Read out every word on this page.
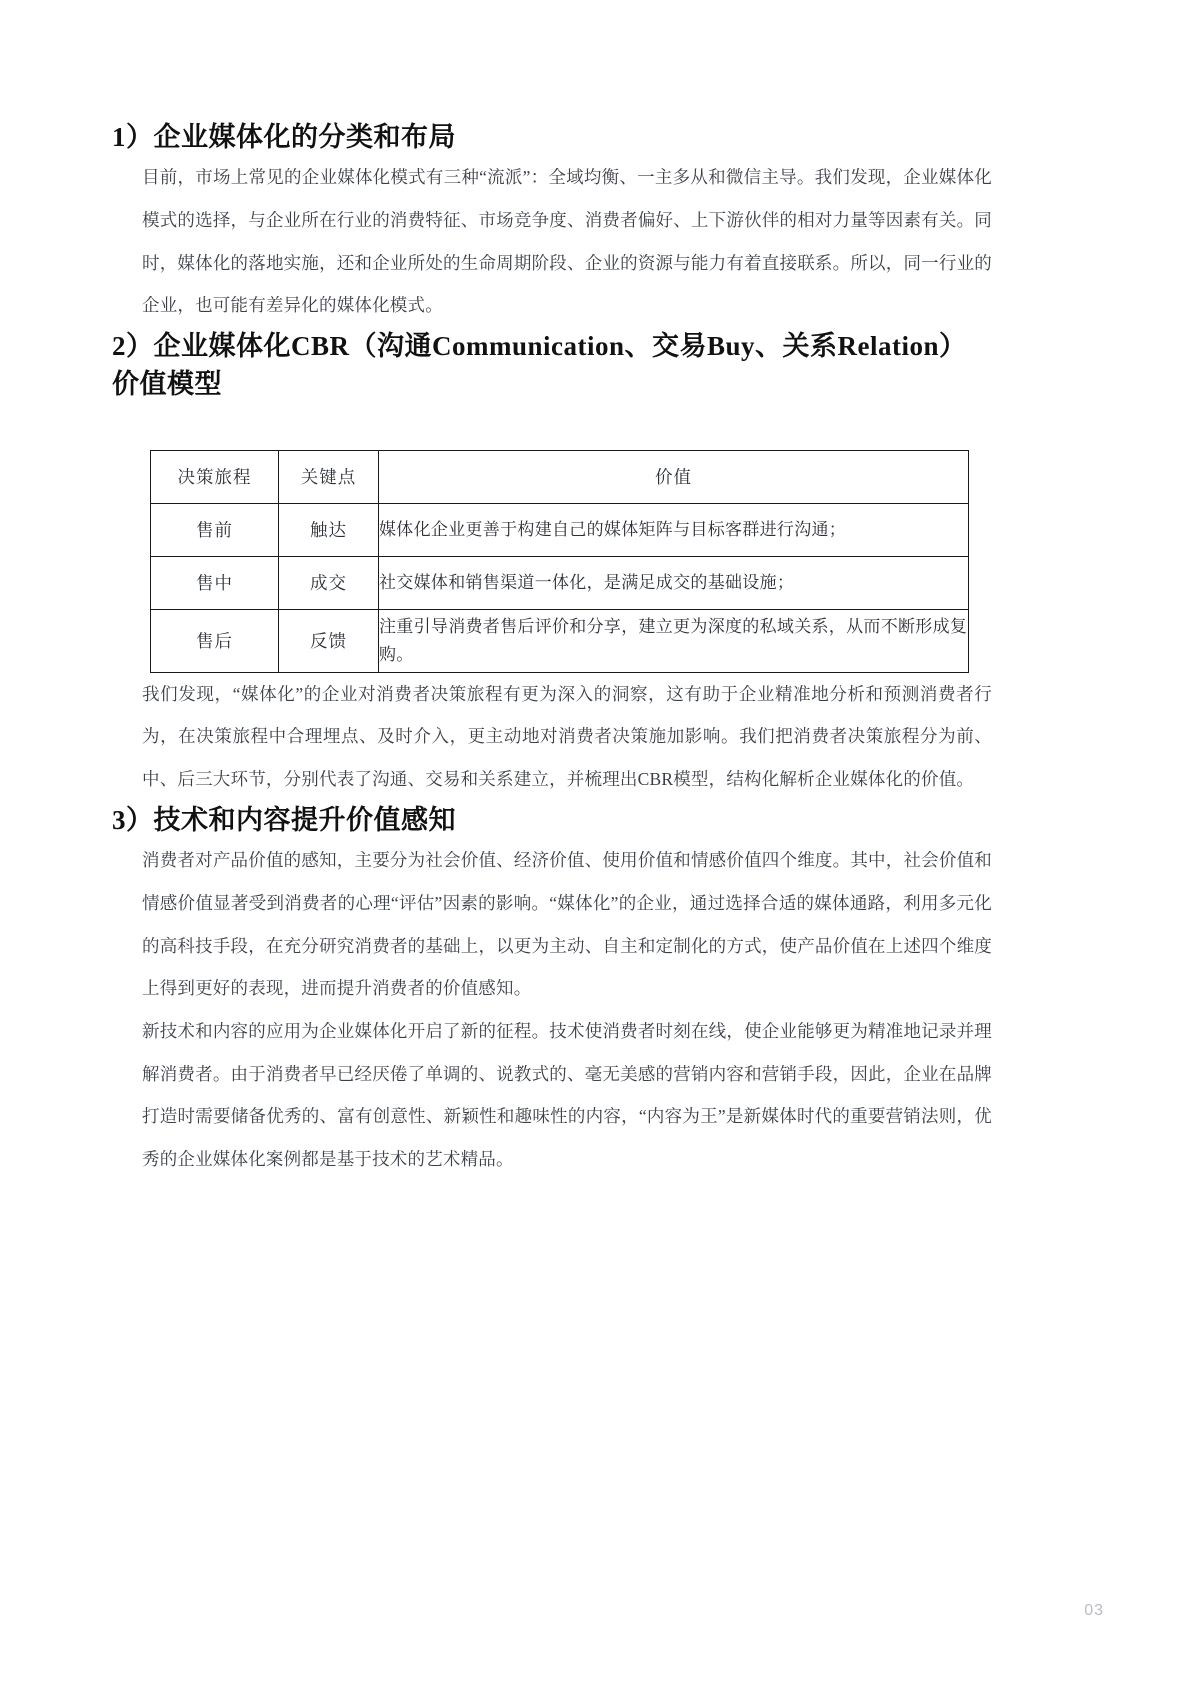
1）企业媒体化的分类和布局

目前，市场上常见的企业媒体化模式有三种“流派”：全域均衡、一主多从和微信主导。我们发现，企业媒体化模式的选择，与企业所在行业的消费特征、市场竞争度、消费者偏好、上下游伙伴的相对力量等因素有关。同时，媒体化的落地实施，还和企业所处的生命周期阶段、企业的资源与能力有着直接联系。所以，同一行业的企业，也可能有差异化的媒体化模式。

2）企业媒体化CBR（沟通Communication、交易Buy、关系Relation）价值模型
决策旅程	关键点	价值
售前	触达	媒体化企业更善于构建自己的媒体矩阵与目标客群进行沟通；
售中	成交	社交媒体和销售渠道一体化，是满足成交的基础设施；
售后	反馈	注重引导消费者售后评价和分享，建立更为深度的私域关系，从而不断形成复购。

我们发现，“媒体化”的企业对消费者决策旅程有更为深入的洞察，这有助于企业精准地分析和预测消费者行为，在决策旅程中合理埋点、及时介入，更主动地对消费者决策施加影响。我们把消费者决策旅程分为前、中、后三大环节，分别代表了沟通、交易和关系建立，并梳理出CBR模型，结构化解析企业媒体化的价值。

3）技术和内容提升价值感知

消费者对产品价值的感知，主要分为社会价值、经济价值、使用价值和情感价值四个维度。其中，社会价值和情感价值显著受到消费者的心理“评估”因素的影响。“媒体化”的企业，通过选择合适的媒体通路，利用多元化的高科技手段，在充分研究消费者的基础上，以更为主动、自主和定制化的方式，使产品价值在上述四个维度上得到更好的表现，进而提升消费者的价值感知。

新技术和内容的应用为企业媒体化开启了新的征程。技术使消费者时刻在线，使企业能够更为精准地记录并理解消费者。由于消费者早已经厌倦了单调的、说教式的、毫无美感的营销内容和营销手段，因此，企业在品牌打造时需要储备优秀的、富有创意性、新颖性和趣味性的内容，“内容为王”是新媒体时代的重要营销法则，优秀的企业媒体化案例都是基于技术的艺术精品。

03
